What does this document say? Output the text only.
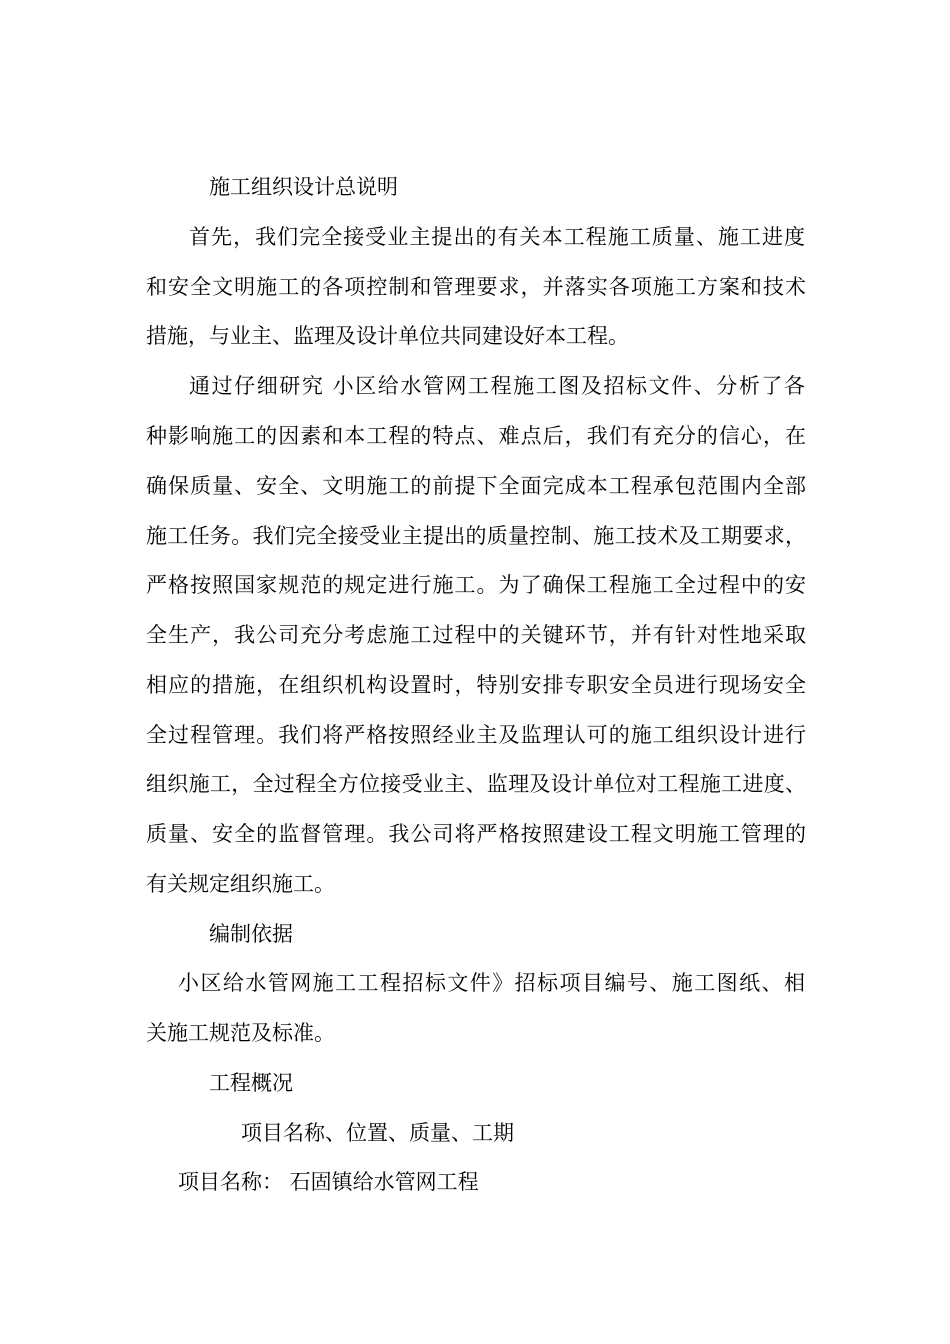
施工组织设计总说明

首先，我们完全接受业主提出的有关本工程施工质量、施工进度

和安全文明施工的各项控制和管理要求，并落实各项施工方案和技术

措施，与业主、监理及设计单位共同建设好本工程。

通过仔细研究 小区给水管网工程施工图及招标文件、分析了各

种影响施工的因素和本工程的特点、难点后，我们有充分的信心，在

确保质量、安全、文明施工的前提下全面完成本工程承包范围内全部

施工任务。我们完全接受业主提出的质量控制、施工技术及工期要求，

严格按照国家规范的规定进行施工。为了确保工程施工全过程中的安

全生产，我公司充分考虑施工过程中的关键环节，并有针对性地采取

相应的措施，在组织机构设置时，特别安排专职安全员进行现场安全

全过程管理。我们将严格按照经业主及监理认可的施工组织设计进行

组织施工，全过程全方位接受业主、监理及设计单位对工程施工进度、

质量、安全的监督管理。我公司将严格按照建设工程文明施工管理的

有关规定组织施工。

编制依据

小区给水管网施工工程招标文件》招标项目编号、施工图纸、相

关施工规范及标准。

工程概况

项目名称、位置、质量、工期

项目名称： 石固镇给水管网工程
